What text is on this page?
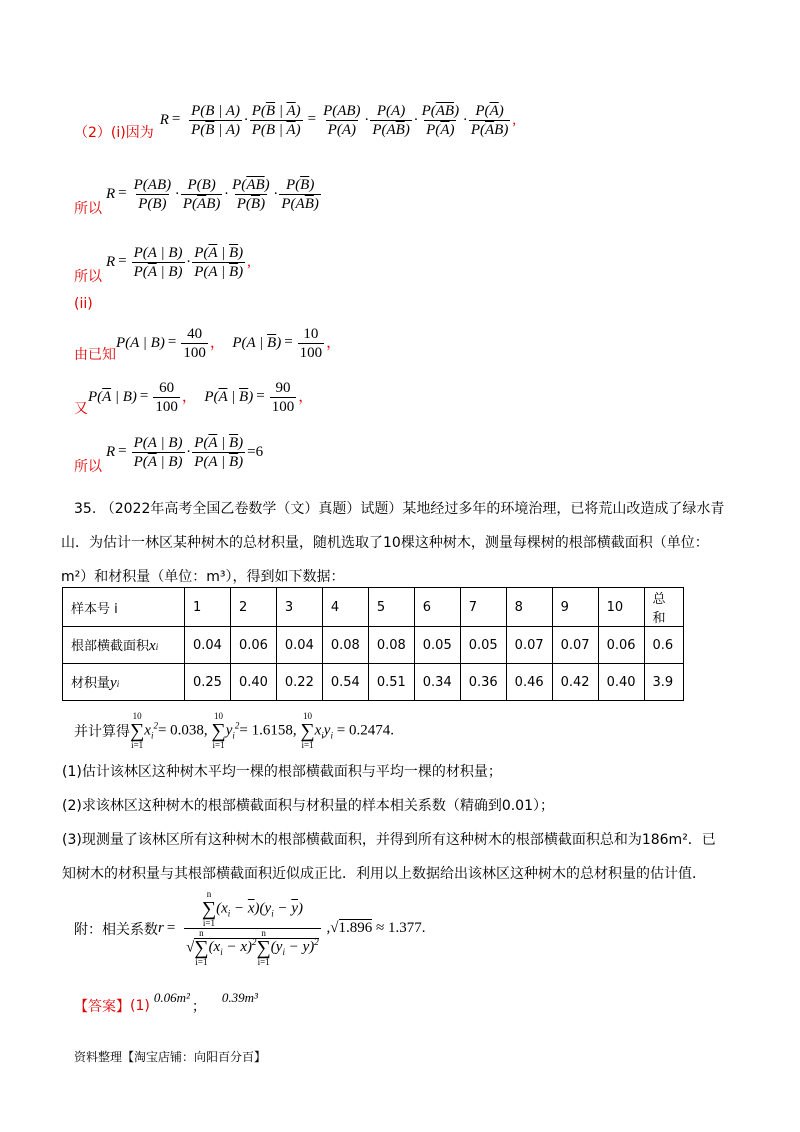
（2）(i)因为
$R = \frac{P(B | A)}{P(\overline{B} | A)} \cdot \frac{P(\overline{B} | \overline{A})}{P(B | \overline{A})} = \frac{P(AB)}{P(A)} \cdot \frac{P(A)}{P(A\overline{B})} \cdot \frac{P(\overline{AB})}{P(\overline{A})} \cdot \frac{P(\overline{A})}{P(\overline{A}B)}$ ,
所以
$R = \frac{P(AB)}{P(B)} \cdot \frac{P(B)}{P(\overline{A}B)} \cdot \frac{P(\overline{AB})}{P(\overline{B})} \cdot \frac{P(\overline{B})}{P(A\overline{B})}$
所以
$R = \frac{P(A | B)}{P(\overline{A} | B)} \cdot \frac{P(\overline{A} | \overline{B})}{P(A | \overline{B})}$ ,
(ii)
由已知
P(A | $B) = \frac{40}{100}$ ，  P(A | $\overline{B}) = \frac{10}{100}$ ，
又
$P(\overline{A}$ | $B) = \frac{60}{100}$ ，  $P(\overline{A}$ | $\overline{B}) = \frac{90}{100}$ ，
所以
$R = \frac{P(A | B)}{P(\overline{A} | B)} \cdot \frac{P(\overline{A} | \overline{B})}{P(A | \overline{B})} =6$
35. （2022年高考全国乙卷数学（文）真题）试题）某地经过多年的环境治理，已将荒山改造成了绿水青
山．为估计一林区某种树木的总材积量，随机选取了10棵这种树木，测量每棵树的根部横截面积（单位：
m²）和材积量（单位：m³），得到如下数据：
样本号 i	1	2	3	4	5	6	7	8	9	10	总和
根部横截面积xi	0.04	0.06	0.04	0.08	0.08	0.05	0.05	0.07	0.07	0.06	0.6
材积量yi	0.25	0.40	0.22	0.54	0.51	0.34	0.36	0.46	0.42	0.40	3.9
并计算得
10
∑
i=1
$x_i^2= 0.038$,
10
∑
i=1
$y_i^2= 1.6158$,
10
∑
i=1
$x_iy_i = 0.2474$.
(1)估计该林区这种树木平均一棵的根部横截面积与平均一棵的材积量；
(2)求该林区这种树木的根部横截面积与材积量的样本相关系数（精确到0.01）；
(3)现测量了该林区所有这种树木的根部横截面积，并得到所有这种树木的根部横截面积总和为186m²．已
知树木的材积量与其根部横截面积近似成正比．利用以上数据给出该林区这种树木的总材积量的估计值．
附：相关系数 r = n
∑
i=1
$(x_i - \overline{x})(y_i - \overline{y})$
√
n
∑
i=1
$(x_i - \overline{x})^2$
n
∑
i=1
$(y_i - \overline{y})^2$ ,√1.896 ≈ 1.377.
【答案】 (1)
0.06m²
；
0.39m³
资料整理【淘宝店铺：向阳百分百】
